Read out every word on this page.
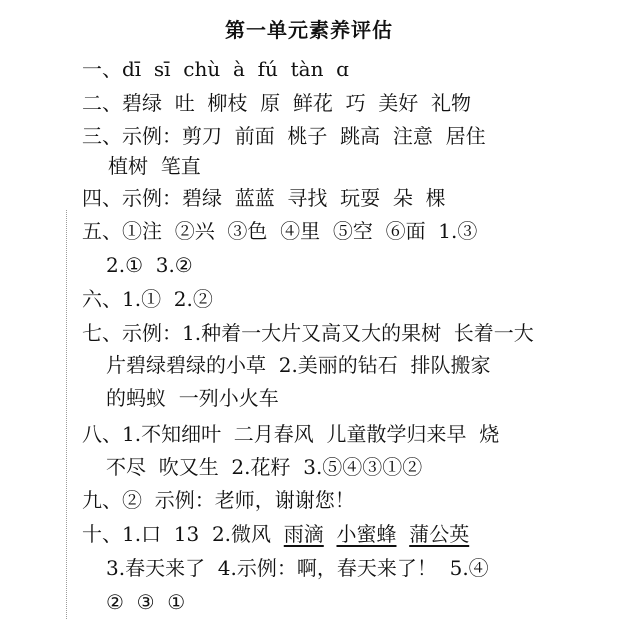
第一单元素养评估
一、dī  sī  chù  à  fú  tàn  ɑ
二、碧绿  吐  柳枝  原  鲜花  巧  美好  礼物
三、示例：剪刀  前面  桃子  跳高  注意  居住
植树  笔直
四、示例：碧绿  蓝蓝  寻找  玩耍  朵  棵
五、①注  ②兴  ③色  ④里  ⑤空  ⑥面  1.③
2.①  3.②
六、1.①  2.②
七、示例：1.种着一大片又高又大的果树  长着一大
片碧绿碧绿的小草  2.美丽的钻石  排队搬家
的蚂蚁  一列小火车
八、1.不知细叶  二月春风  儿童散学归来早  烧
不尽  吹又生  2.花籽  3.⑤④③①②
九、②  示例：老师，谢谢您！
十、1.口  13  2.微风  雨滴 小蜜蜂 蒲公英
3.春天来了  4.示例：啊，春天来了！  5.④
②  ③  ①
